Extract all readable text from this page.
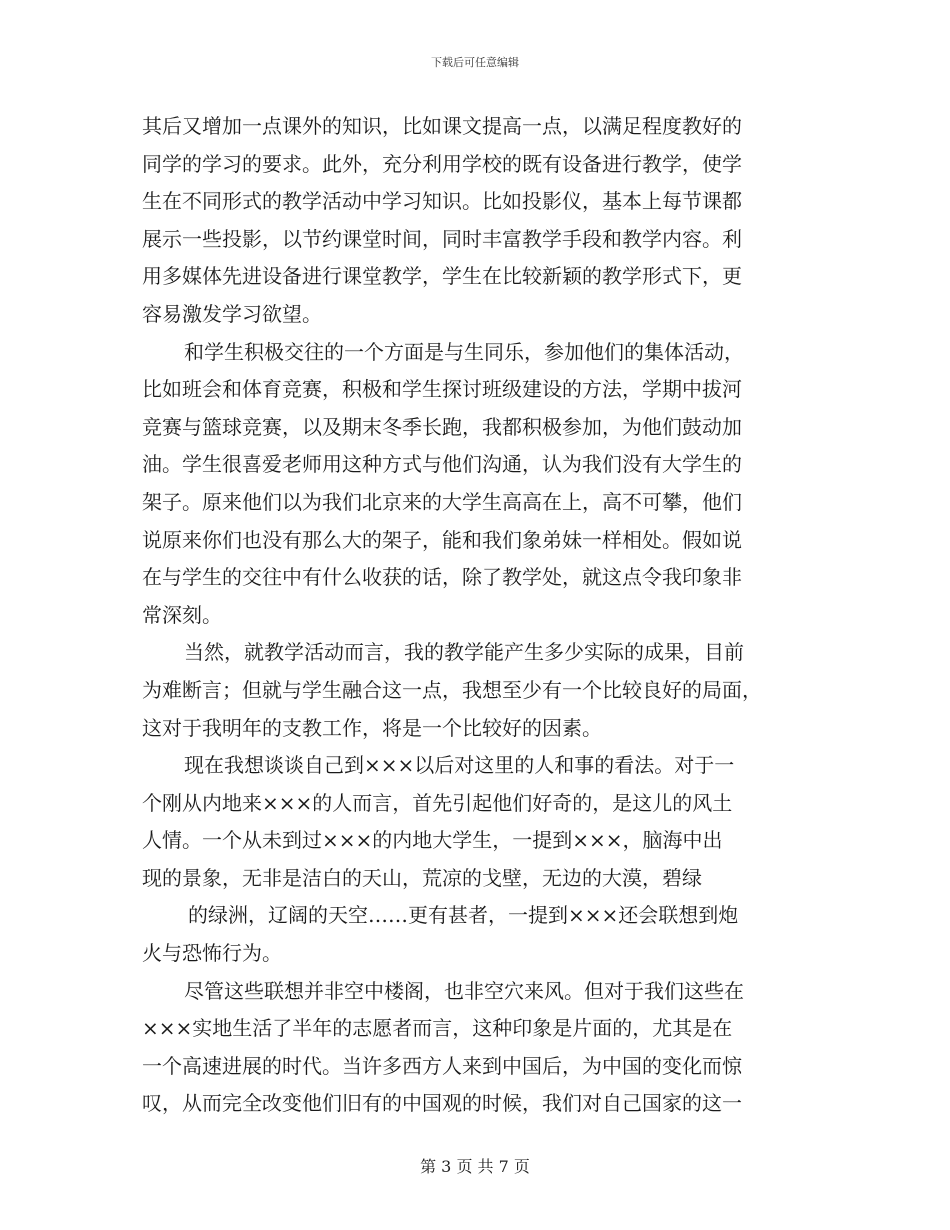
下载后可任意编辑
其后又增加一点课外的知识，比如课文提高一点，以满足程度教好的
同学的学习的要求。此外，充分利用学校的既有设备进行教学，使学
生在不同形式的教学活动中学习知识。比如投影仪，基本上每节课都
展示一些投影，以节约课堂时间，同时丰富教学手段和教学内容。利
用多媒体先进设备进行课堂教学，学生在比较新颖的教学形式下，更
容易激发学习欲望。
和学生积极交往的一个方面是与生同乐，参加他们的集体活动，
比如班会和体育竞赛，积极和学生探讨班级建设的方法，学期中拔河
竞赛与篮球竞赛，以及期末冬季长跑，我都积极参加，为他们鼓动加
油。学生很喜爱老师用这种方式与他们沟通，认为我们没有大学生的
架子。原来他们以为我们北京来的大学生高高在上，高不可攀，他们
说原来你们也没有那么大的架子，能和我们象弟妹一样相处。假如说
在与学生的交往中有什么收获的话，除了教学处，就这点令我印象非
常深刻。
当然，就教学活动而言，我的教学能产生多少实际的成果，目前
为难断言；但就与学生融合这一点，我想至少有一个比较良好的局面，
这对于我明年的支教工作，将是一个比较好的因素。
现在我想谈谈自己到×××以后对这里的人和事的看法。对于一
个刚从内地来×××的人而言，首先引起他们好奇的，是这儿的风土
人情。一个从未到过×××的内地大学生，一提到×××，脑海中出
现的景象，无非是洁白的天山，荒凉的戈壁，无边的大漠，碧绿
的绿洲，辽阔的天空……更有甚者，一提到×××还会联想到炮
火与恐怖行为。
尽管这些联想并非空中楼阁，也非空穴来风。但对于我们这些在
×××实地生活了半年的志愿者而言，这种印象是片面的，尤其是在
一个高速进展的时代。当许多西方人来到中国后，为中国的变化而惊
叹，从而完全改变他们旧有的中国观的时候，我们对自己国家的这一
第 3 页 共 7 页
